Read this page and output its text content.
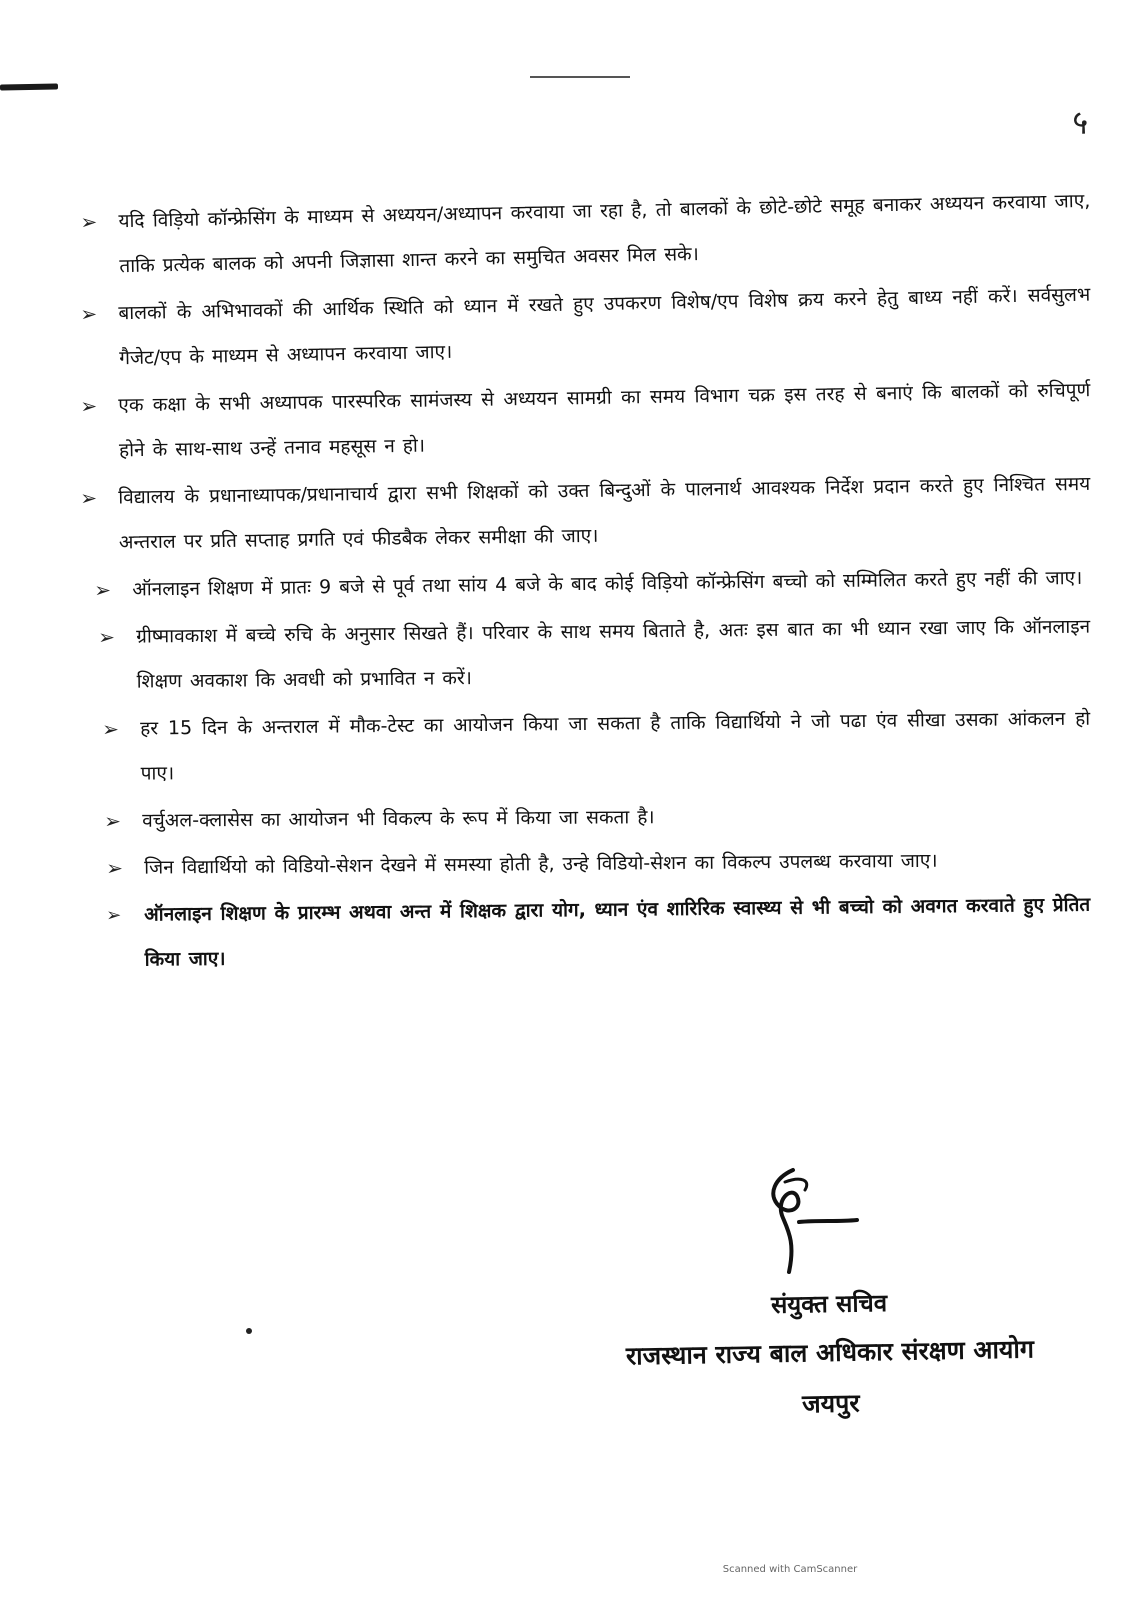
५
➢ यदि विड़ियो कॉन्फ्रेसिंग के माध्यम से अध्ययन/अध्यापन करवाया जा रहा है, तो बालकों के छोटे-छोटे समूह बनाकर अध्ययन करवाया जाए, ताकि प्रत्येक बालक को अपनी जिज्ञासा शान्त करने का समुचित अवसर मिल सके।
➢ बालकों के अभिभावकों की आर्थिक स्थिति को ध्यान में रखते हुए उपकरण विशेष/एप विशेष क्रय करने हेतु बाध्य नहीं करें। सर्वसुलभ गैजेट/एप के माध्यम से अध्यापन करवाया जाए।
➢ एक कक्षा के सभी अध्यापक पारस्परिक सामंजस्य से अध्ययन सामग्री का समय विभाग चक्र इस तरह से बनाएं कि बालकों को रुचिपूर्ण होने के साथ-साथ उन्हें तनाव महसूस न हो।
➢ विद्यालय के प्रधानाध्यापक/प्रधानाचार्य द्वारा सभी शिक्षकों को उक्त बिन्दुओं के पालनार्थ आवश्यक निर्देश प्रदान करते हुए निश्चित समय अन्तराल पर प्रति सप्ताह प्रगति एवं फीडबैक लेकर समीक्षा की जाए।
➢ ऑनलाइन शिक्षण में प्रातः 9 बजे से पूर्व तथा सांय 4 बजे के बाद कोई विड़ियो कॉन्फ्रेसिंग बच्चो को सम्मिलित करते हुए नहीं की जाए।
➢ ग्रीष्मावकाश में बच्चे रुचि के अनुसार सिखते हैं। परिवार के साथ समय बिताते है, अतः इस बात का भी ध्यान रखा जाए कि ऑनलाइन शिक्षण अवकाश कि अवधी को प्रभावित न करें।
➢ हर 15 दिन के अन्तराल में मौक-टेस्ट का आयोजन किया जा सकता है ताकि विद्यार्थियो ने जो पढा एंव सीखा उसका आंकलन हो पाए।
➢ वर्चुअल-क्लासेस का आयोजन भी विकल्प के रूप में किया जा सकता है।
➢ जिन विद्यार्थियो को विडियो-सेशन देखने में समस्या होती है, उन्हे विडियो-सेशन का विकल्प उपलब्ध करवाया जाए।
➢ ऑनलाइन शिक्षण के प्रारम्भ अथवा अन्त में शिक्षक द्वारा योग, ध्यान एंव शारिरिक स्वास्थ्य से भी बच्चो को अवगत करवाते हुए प्रेतित किया जाए।
संयुक्त सचिव
राजस्थान राज्य बाल अधिकार संरक्षण आयोग
जयपुर
Scanned with CamScanner
